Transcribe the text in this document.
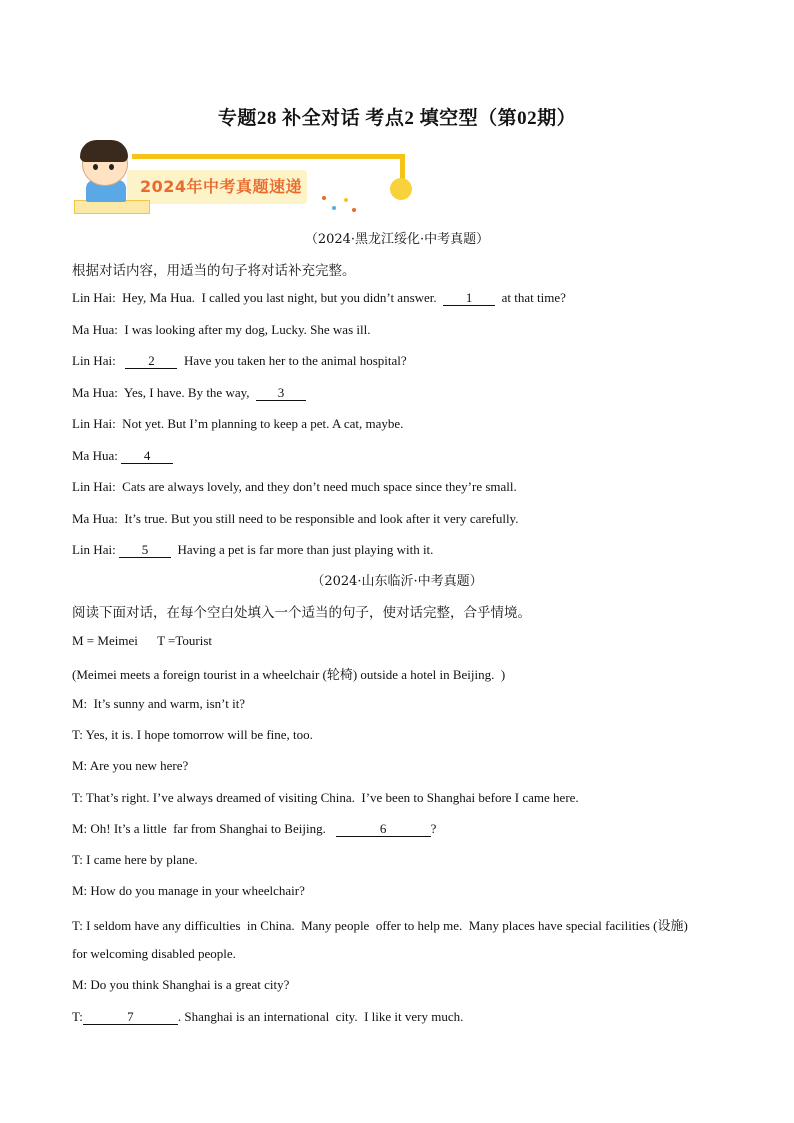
专题28 补全对话 考点2 填空型（第02期）
2024年中考真题速递
（2024·黑龙江绥化·中考真题）
根据对话内容，用适当的句子将对话补充完整。
Lin Hai:  Hey, Ma Hua.  I called you last night, but you didn’t answer.  1  at that time?
Ma Hua:  I was looking after my dog, Lucky. She was ill.
Lin Hai:   2  Have you taken her to the animal hospital?
Ma Hua:  Yes, I have. By the way,  3
Lin Hai:  Not yet. But I’m planning to keep a pet. A cat, maybe.
Ma Hua: 4
Lin Hai:  Cats are always lovely, and they don’t need much space since they’re small.
Ma Hua:  It’s true. But you still need to be responsible and look after it very carefully.
Lin Hai: 5  Having a pet is far more than just playing with it.
（2024·山东临沂·中考真题）
阅读下面对话，在每个空白处填入一个适当的句子，使对话完整，合乎情境。
M = Meimei      T =Tourist
(Meimei meets a foreign tourist in a wheelchair (轮椅) outside a hotel in Beijing.  )
M:  It’s sunny and warm, isn’t it?
T: Yes, it is. I hope tomorrow will be fine, too.
M: Are you new here?
T: That’s right. I’ve always dreamed of visiting China.  I’ve been to Shanghai before I came here.
M: Oh! It’s a little  far from Shanghai to Beijing.	6	?
T: I came here by plane.
M: How do you manage in your wheelchair?
T: I seldom have any difficulties  in China.  Many people  offer to help me.  Many places have special facilities (设施)
for welcoming disabled people.
M: Do you think Shanghai is a great city?
T:	7	. Shanghai is an international  city.  I like it very much.
